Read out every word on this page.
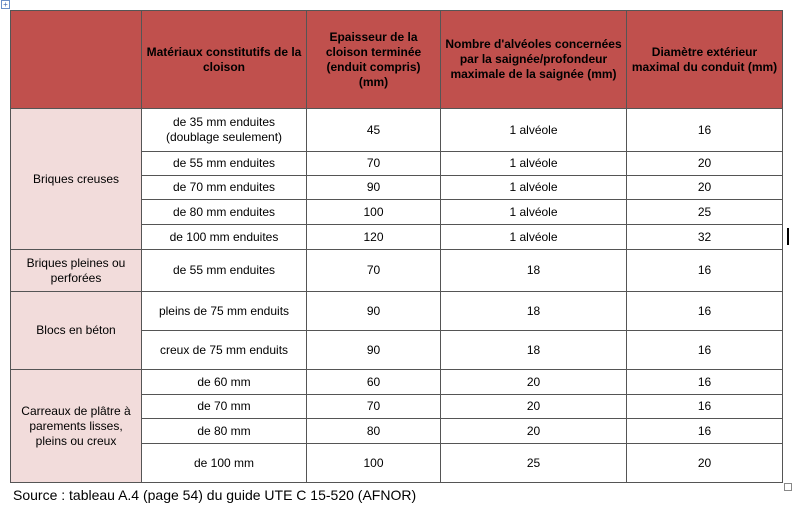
+
	Matériaux constitutifs de la cloison	Epaisseur de la cloison terminée (enduit compris) (mm)	Nombre d'alvéoles concernées par la saignée/profondeur maximale de la saignée (mm)	Diamètre extérieur maximal du conduit (mm)
Briques creuses	de 35 mm enduites (doublage seulement)	45	1 alvéole	16
	de 55 mm enduites	70	1 alvéole	20
	de 70 mm enduites	90	1 alvéole	20
	de 80 mm enduites	100	1 alvéole	25
	de 100 mm enduites	120	1 alvéole	32
Briques pleines ou perforées	de 55 mm enduites	70	18	16
Blocs en béton	pleins de 75 mm enduits	90	18	16
	creux de 75 mm enduits	90	18	16
Carreaux de plâtre à parements lisses, pleins ou creux	de 60 mm	60	20	16
	de 70 mm	70	20	16
	de 80 mm	80	20	16
	de 100 mm	100	25	20
Source : tableau A.4 (page 54) du guide UTE C 15-520 (AFNOR)
